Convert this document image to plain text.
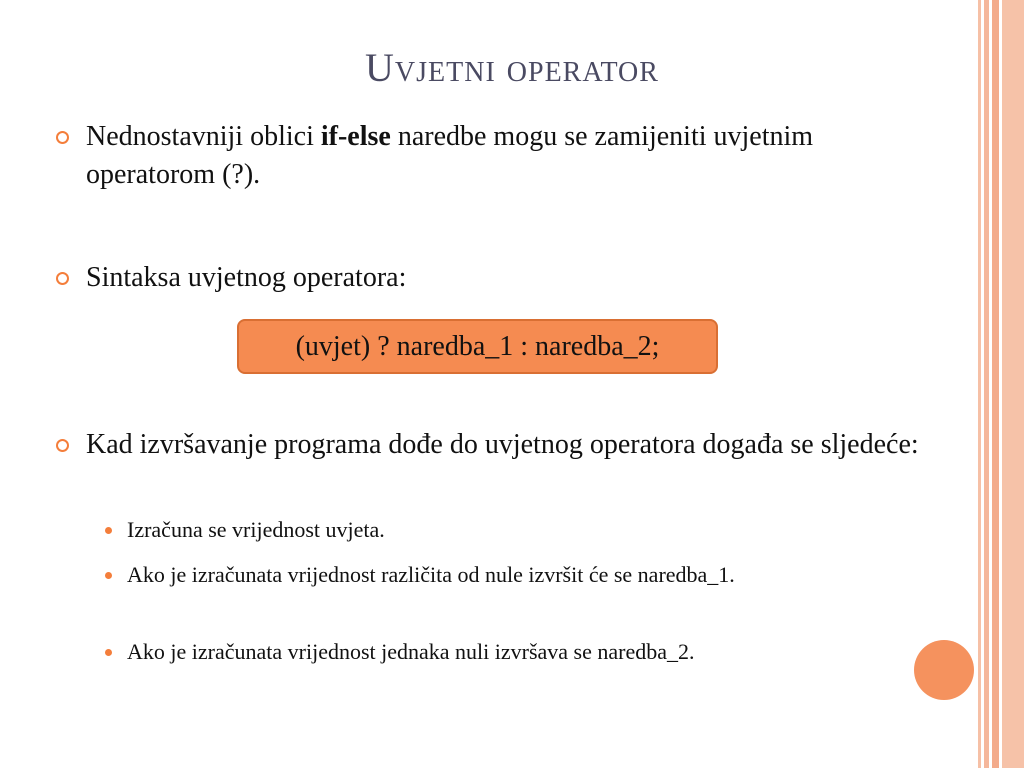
Uvjetni operator
Nednostavniji oblici if-else naredbe mogu se zamijeniti uvjetnim operatorom (?).
Sintaksa uvjetnog operatora:
(uvjet) ? naredba_1 : naredba_2;
Kad izvršavanje programa dođe do uvjetnog operatora događa se sljedeće:
Izračuna se vrijednost uvjeta.
Ako je izračunata vrijednost različita od nule izvršit će se naredba_1.
Ako je izračunata vrijednost jednaka nuli izvršava se naredba_2.
